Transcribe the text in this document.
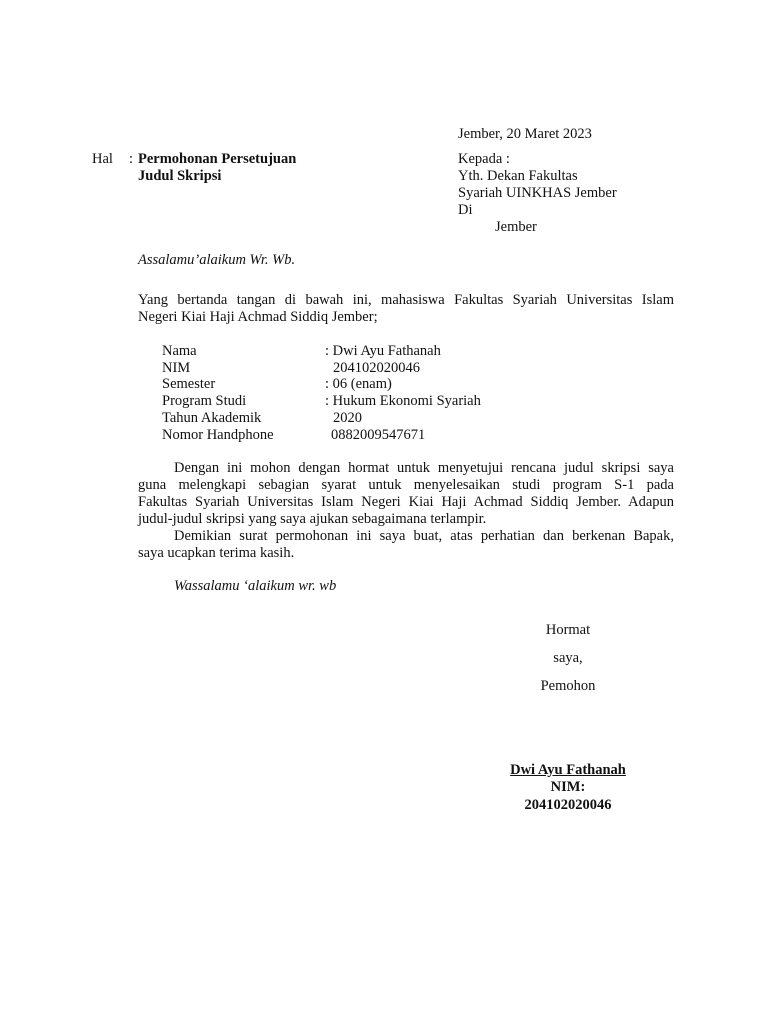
Jember, 20 Maret 2023
Hal : Permohonan Persetujuan
Judul Skripsi
Kepada :
Yth. Dekan Fakultas
Syariah UINKHAS Jember
Di
Jember
Assalamu’alaikum Wr. Wb.
Yang bertanda tangan di bawah ini, mahasiswa Fakultas Syariah Universitas Islam
Negeri Kiai Haji Achmad Siddiq Jember;
Nama	: Dwi Ayu Fathanah
NIM	204102020046
Semester	: 06 (enam)
Program Studi	: Hukum Ekonomi Syariah
Tahun Akademik	2020
Nomor Handphone	0882009547671
Dengan ini mohon dengan hormat untuk menyetujui rencana judul skripsi saya
guna melengkapi sebagian syarat untuk menyelesaikan studi program S-1 pada
Fakultas Syariah Universitas Islam Negeri Kiai Haji Achmad Siddiq Jember. Adapun
judul-judul skripsi yang saya ajukan sebagaimana terlampir.
Demikian surat permohonan ini saya buat, atas perhatian dan berkenan Bapak,
saya ucapkan terima kasih.
Wassalamu ‘alaikum wr. wb
Hormat
saya,
Pemohon
Dwi Ayu Fathanah
NIM:
204102020046
